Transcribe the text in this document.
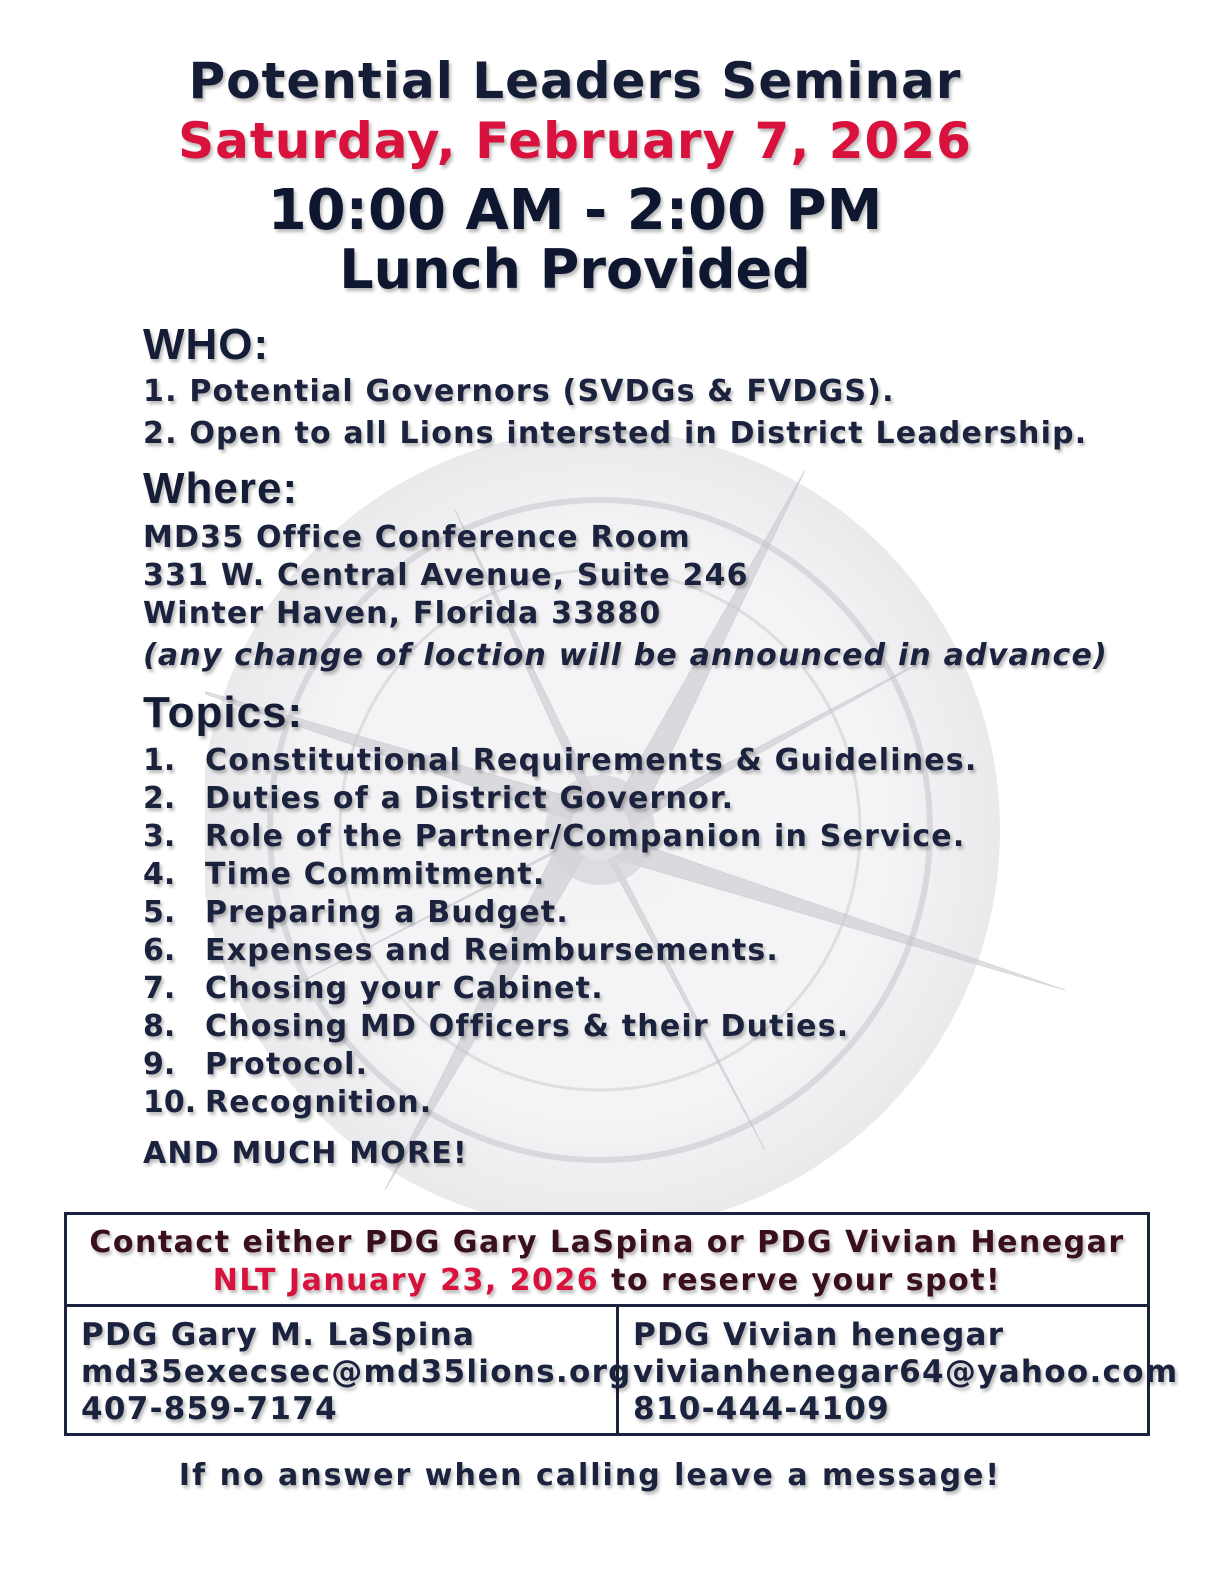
Potential Leaders Seminar
Saturday, February 7, 2026
10:00 AM - 2:00 PM
Lunch Provided
WHO:
1. Potential Governors (SVDGs & FVDGS).
2. Open to all Lions intersted in District Leadership.
Where:
MD35 Office Conference Room
331 W. Central Avenue, Suite 246
Winter Haven, Florida 33880
(any change of loction will be announced in advance)
Topics:
1. Constitutional Requirements & Guidelines.
2. Duties of a District Governor.
3. Role of the Partner/Companion in Service.
4. Time Commitment.
5. Preparing a Budget.
6. Expenses and Reimbursements.
7. Chosing your Cabinet.
8. Chosing MD Officers & their Duties.
9. Protocol.
10. Recognition.
AND MUCH MORE!
Contact either PDG Gary LaSpina or PDG Vivian Henegar
NLT January 23, 2026 to reserve your spot!
PDG Gary M. LaSpina
md35execsec@md35lions.org
407-859-7174
PDG Vivian henegar
vivianhenegar64@yahoo.com
810-444-4109
If no answer when calling leave a message!
